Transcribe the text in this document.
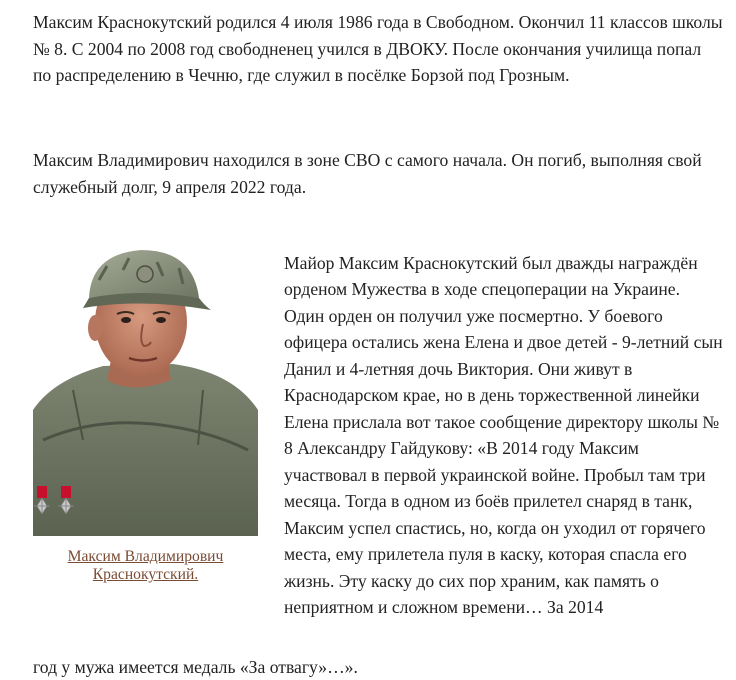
Максим Краснокутский родился 4 июля 1986 года в Свободном. Окончил 11 классов школы № 8. С 2004 по 2008 год свободненец учился в ДВОКУ. После окончания училища попал по распределению в Чечню, где служил в посёлке Борзой под Грозным.

Максим Владимирович находился в зоне СВО с самого начала. Он погиб, выполняя свой служебный долг, 9 апреля 2022 года.

Максим Владимирович Краснокутский.

Майор Максим Краснокутский был дважды награждён орденом Мужества в ходе спецоперации на Украине. Один орден он получил уже посмертно. У боевого офицера остались жена Елена и двое детей - 9-летний сын Данил и 4-летняя дочь Виктория. Они живут в Краснодарском крае, но в день торжественной линейки Елена прислала вот такое сообщение директору школы № 8 Александру Гайдукову: «В 2014 году Максим участвовал в первой украинской войне. Пробыл там три месяца. Тогда в одном из боёв прилетел снаряд в танк, Максим успел спастись, но, когда он уходил от горячего места, ему прилетела пуля в каску, которая спасла его жизнь. Эту каску до сих пор храним, как память о неприятном и сложном времени… За 2014

год у мужа имеется медаль «За отвагу»…».
